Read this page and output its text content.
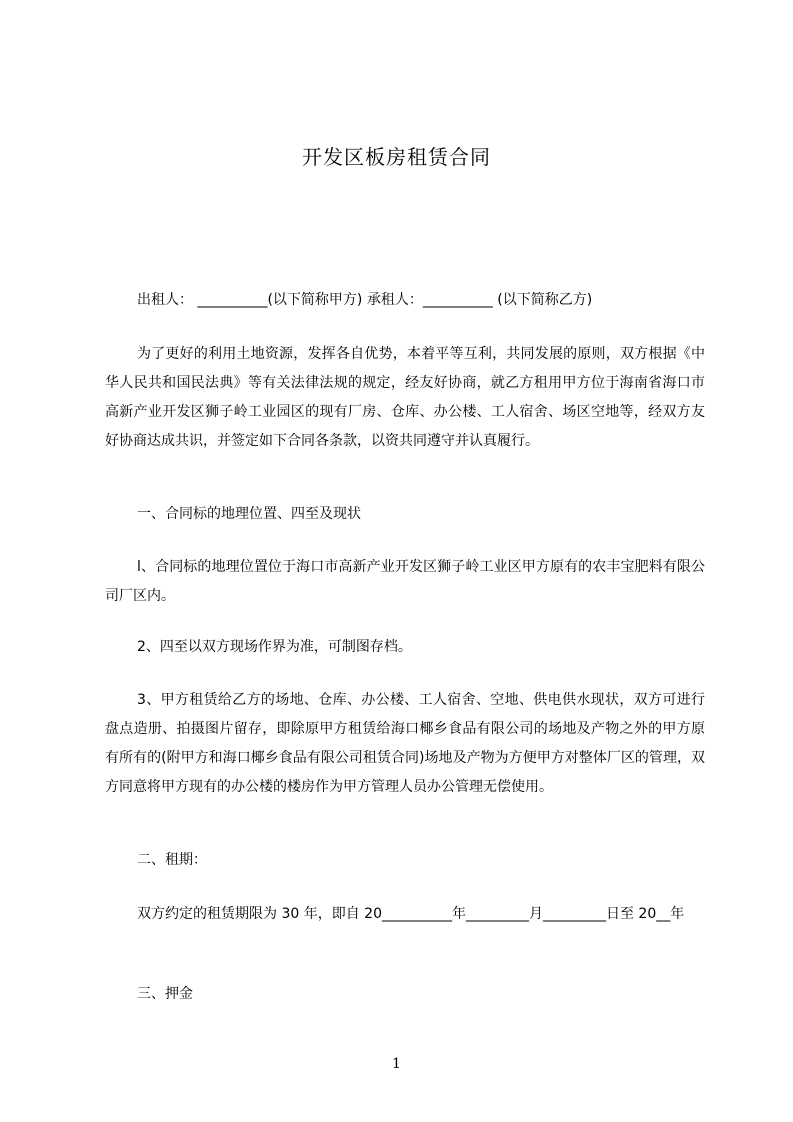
开发区板房租赁合同

出租人： __________(以下简称甲方) 承租人：__________ (以下简称乙方)

为了更好的利用土地资源，发挥各自优势，本着平等互利，共同发展的原则，双方根据《中华人民共和国民法典》等有关法律法规的规定，经友好协商，就乙方租用甲方位于海南省海口市高新产业开发区狮子岭工业园区的现有厂房、仓库、办公楼、工人宿舍、场区空地等，经双方友好协商达成共识，并签定如下合同各条款，以资共同遵守并认真履行。

一、合同标的地理位置、四至及现状

l、合同标的地理位置位于海口市高新产业开发区狮子岭工业区甲方原有的农丰宝肥料有限公司厂区内。

2、四至以双方现场作界为准，可制图存档。

3、甲方租赁给乙方的场地、仓库、办公楼、工人宿舍、空地、供电供水现状，双方可进行盘点造册、拍摄图片留存，即除原甲方租赁给海口椰乡食品有限公司的场地及产物之外的甲方原有所有的(附甲方和海口椰乡食品有限公司租赁合同)场地及产物为方便甲方对整体厂区的管理，双方同意将甲方现有的办公楼的楼房作为甲方管理人员办公管理无偿使用。

二、租期：

双方约定的租赁期限为 30 年，即自 20__________年_________月_________日至 20__年

三、押金

1
